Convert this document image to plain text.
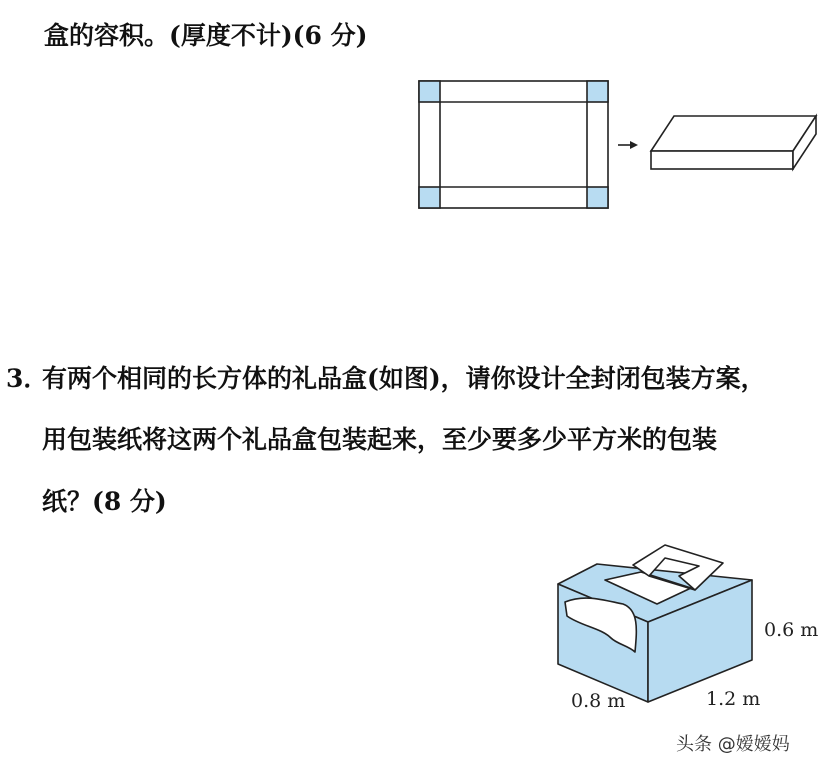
盒的容积。(厚度不计)(6 分)
3．
有两个相同的长方体的礼品盒(如图)，请你设计全封闭包装方案，
用包装纸将这两个礼品盒包装起来，至少要多少平方米的包装
纸？(8 分)
0.6 m
0.8 m	1.2 m
头条 @嫒嫒妈
